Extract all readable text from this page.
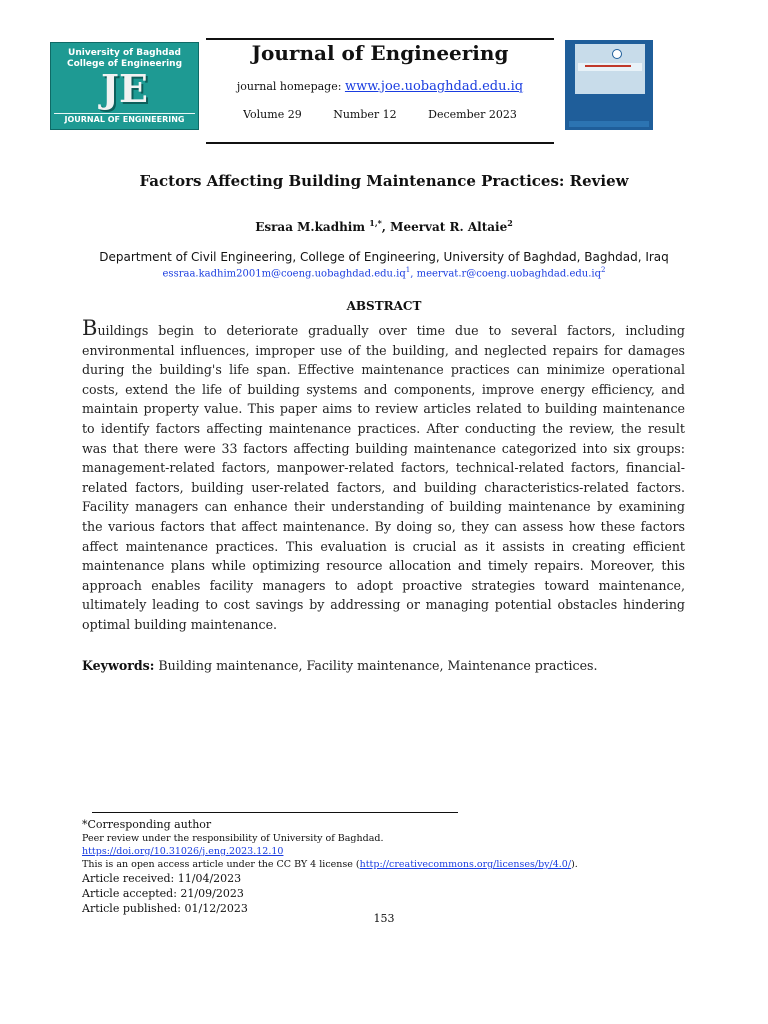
University of Baghdad
College of Engineering
JE
JOURNAL OF ENGINEERING
Journal of Engineering
journal homepage: www.joe.uobaghdad.edu.iq
Volume 29	Number 12	December 2023
Factors Affecting Building Maintenance Practices: Review
Esraa M.kadhim $^{1,*}$, Meervat R. Altaie$^2$
Department of Civil Engineering, College of Engineering, University of Baghdad, Baghdad, Iraq
$essraa.kadhim2001m@coeng.uobaghdad.edu.iq^1$, $meervat.r@coeng.uobaghdad.edu.iq^2$
ABSTRACT
Buildings begin to deteriorate gradually over time due to several factors, including environmental influences, improper use of the building, and neglected repairs for damages during the building's life span. Effective maintenance practices can minimize operational costs, extend the life of building systems and components, improve energy efficiency, and maintain property value. This paper aims to review articles related to building maintenance to identify factors affecting maintenance practices. After conducting the review, the result was that there were 33 factors affecting building maintenance categorized into six groups: management-related factors, manpower-related factors, technical-related factors, financial-related factors, building user-related factors, and building characteristics-related factors. Facility managers can enhance their understanding of building maintenance by examining the various factors that affect maintenance. By doing so, they can assess how these factors affect maintenance practices. This evaluation is crucial as it assists in creating efficient maintenance plans while optimizing resource allocation and timely repairs. Moreover, this approach enables facility managers to adopt proactive strategies toward maintenance, ultimately leading to cost savings by addressing or managing potential obstacles hindering optimal building maintenance.
Keywords: Building maintenance, Facility maintenance, Maintenance practices.
*Corresponding author
Peer review under the responsibility of University of Baghdad.
https://doi.org/10.31026/j.eng.2023.12.10
This is an open access article under the CC BY 4 license (http://creativecommons.org/licenses/by/4.0/).
Article received: 11/04/2023
Article accepted: 21/09/2023
Article published: 01/12/2023
153
